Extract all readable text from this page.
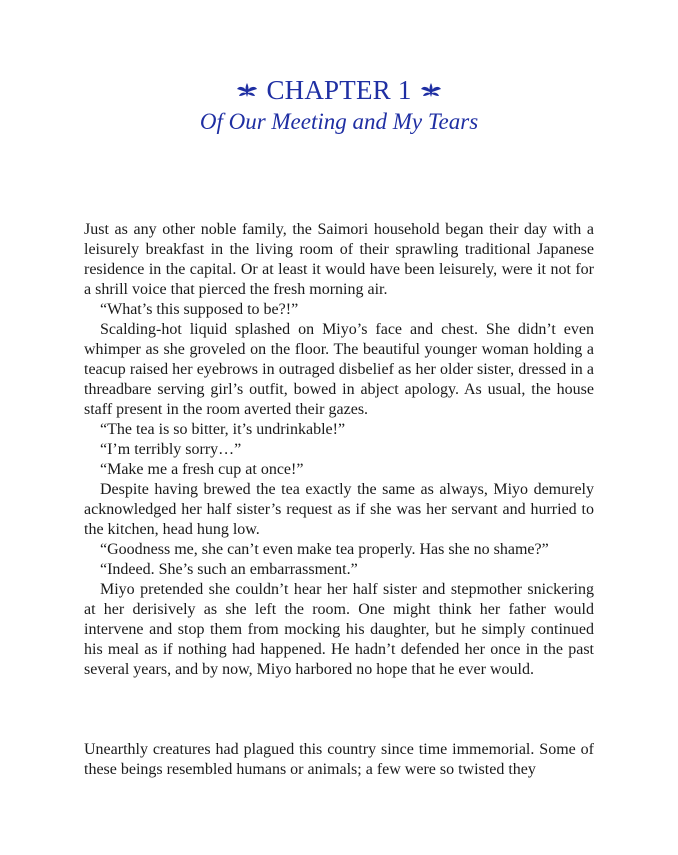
CHAPTER 1
Of Our Meeting and My Tears

Just as any other noble family, the Saimori household began their day with a leisurely breakfast in the living room of their sprawling traditional Japanese residence in the capital. Or at least it would have been leisurely, were it not for a shrill voice that pierced the fresh morning air.

“What’s this supposed to be?!”

Scalding-hot liquid splashed on Miyo’s face and chest. She didn’t even whimper as she groveled on the floor. The beautiful younger woman holding a teacup raised her eyebrows in outraged disbelief as her older sister, dressed in a threadbare serving girl’s outfit, bowed in abject apology. As usual, the house staff present in the room averted their gazes.

“The tea is so bitter, it’s undrinkable!”

“I’m terribly sorry…”

“Make me a fresh cup at once!”

Despite having brewed the tea exactly the same as always, Miyo demurely acknowledged her half sister’s request as if she was her servant and hurried to the kitchen, head hung low.

“Goodness me, she can’t even make tea properly. Has she no shame?”

“Indeed. She’s such an embarrassment.”

Miyo pretended she couldn’t hear her half sister and stepmother snickering at her derisively as she left the room. One might think her father would intervene and stop them from mocking his daughter, but he simply continued his meal as if nothing had happened. He hadn’t defended her once in the past several years, and by now, Miyo harbored no hope that he ever would.

Unearthly creatures had plagued this country since time immemorial. Some of these beings resembled humans or animals; a few were so twisted they
